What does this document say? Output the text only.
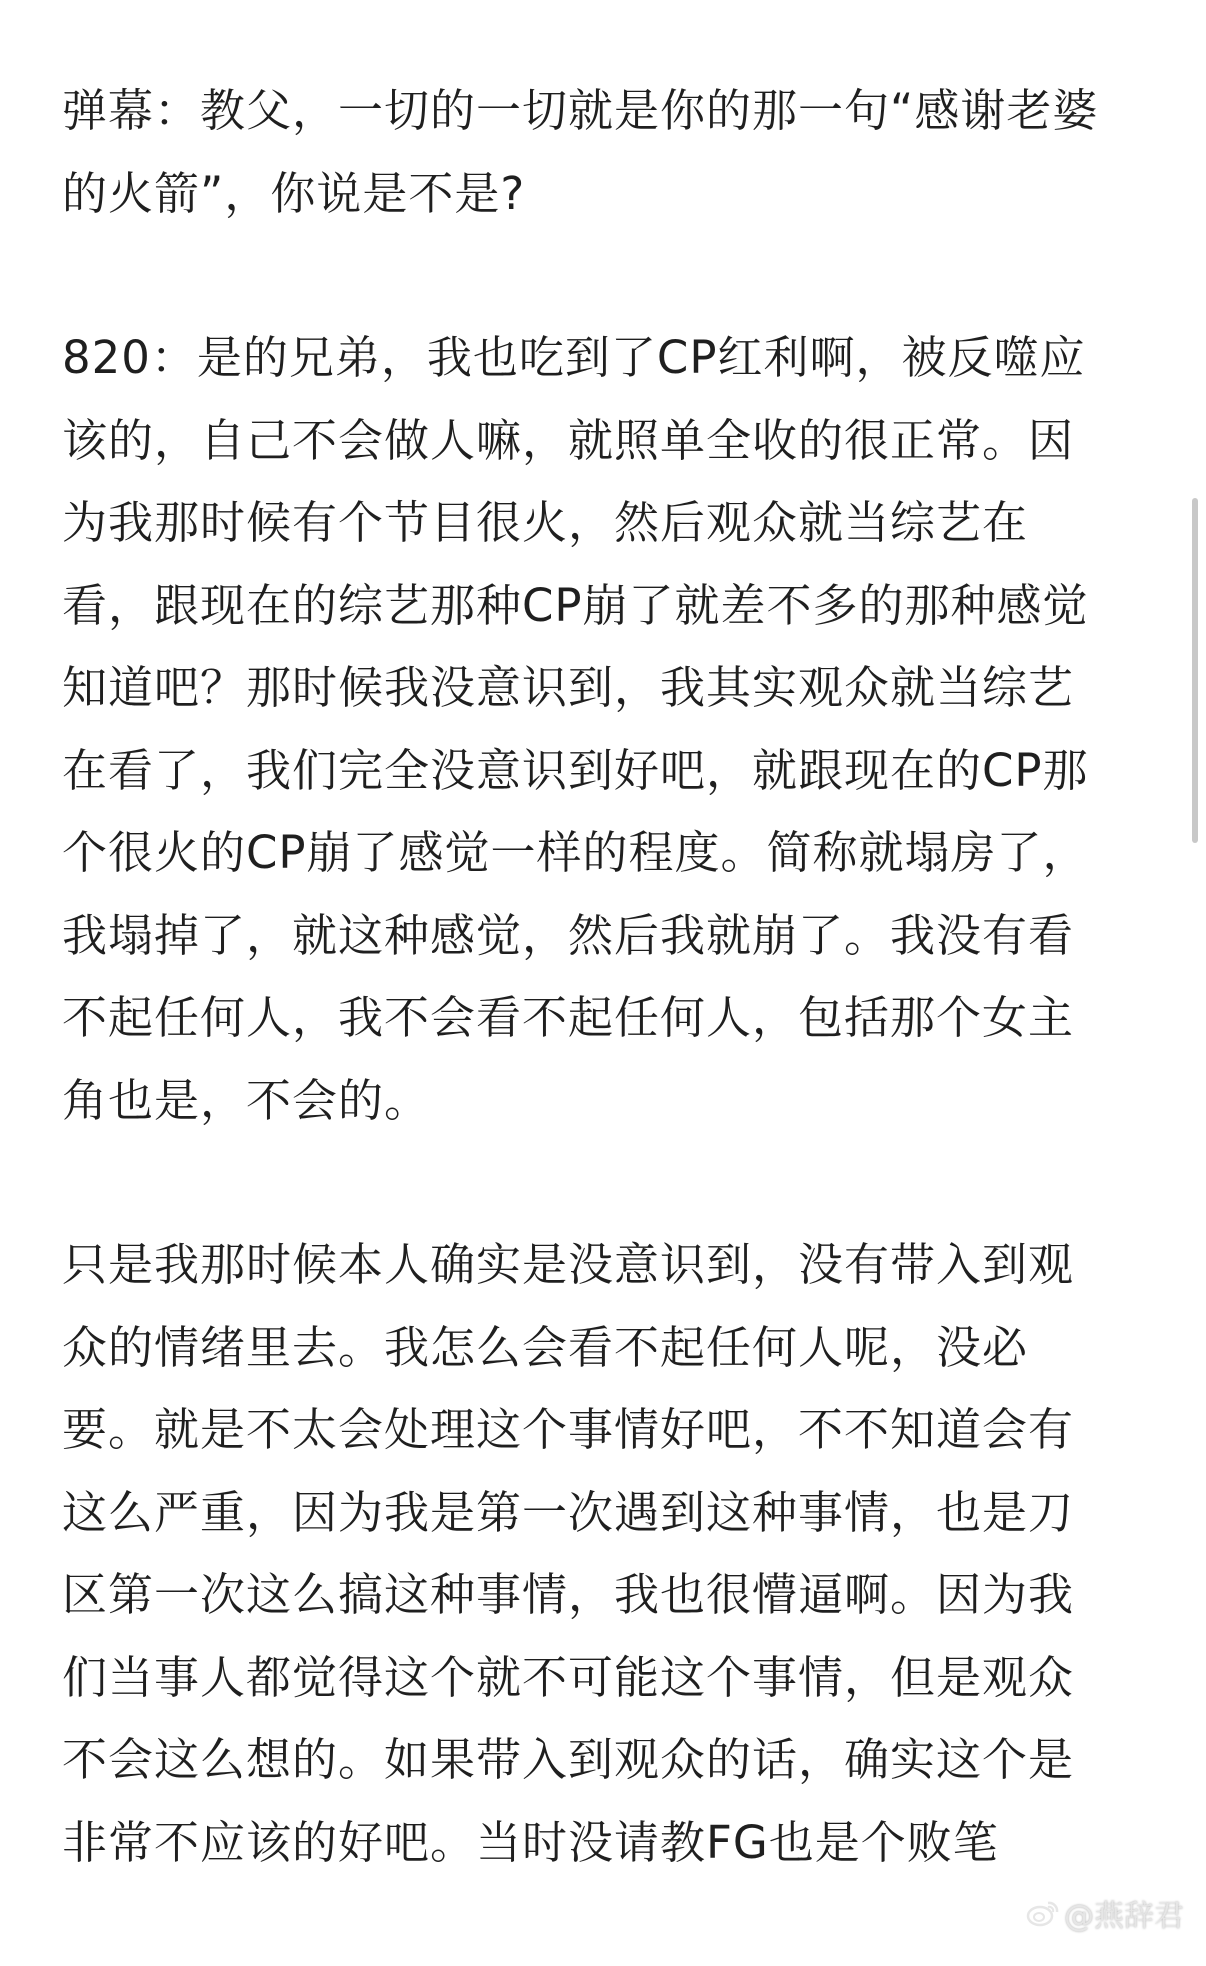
弹幕：教父，一切的一切就是你的那一句“感谢老婆
的火箭”，你说是不是?

820：是的兄弟，我也吃到了CP红利啊，被反噬应
该的，自己不会做人嘛，就照单全收的很正常。因
为我那时候有个节目很火，然后观众就当综艺在
看，跟现在的综艺那种CP崩了就差不多的那种感觉
知道吧？那时候我没意识到，我其实观众就当综艺
在看了，我们完全没意识到好吧，就跟现在的CP那
个很火的CP崩了感觉一样的程度。简称就塌房了，
我塌掉了，就这种感觉，然后我就崩了。我没有看
不起任何人，我不会看不起任何人，包括那个女主
角也是，不会的。

只是我那时候本人确实是没意识到，没有带入到观
众的情绪里去。我怎么会看不起任何人呢，没必
要。就是不太会处理这个事情好吧，不不知道会有
这么严重，因为我是第一次遇到这种事情，也是刀
区第一次这么搞这种事情，我也很懵逼啊。因为我
们当事人都觉得这个就不可能这个事情，但是观众
不会这么想的。如果带入到观众的话，确实这个是
非常不应该的好吧。当时没请教FG也是个败笔

@燕辞君
